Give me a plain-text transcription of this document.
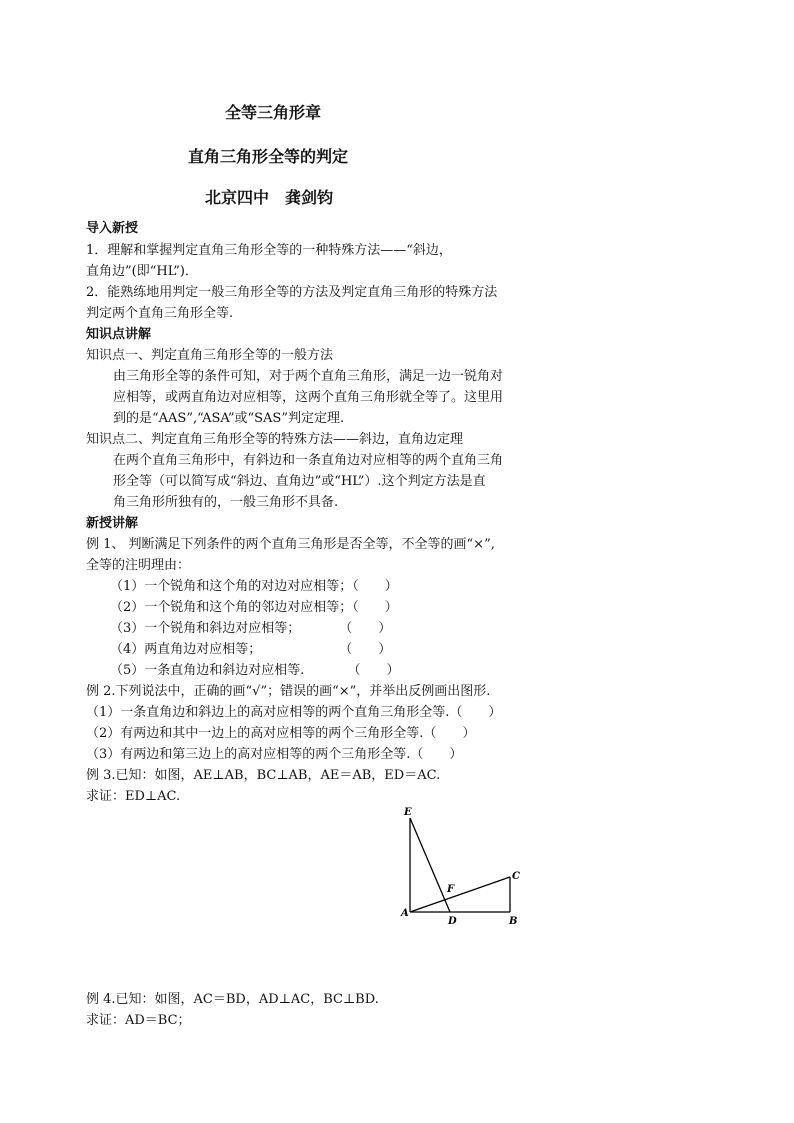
全等三角形章
直角三角形全等的判定
北京四中　龚剑钧
导入新授
1．理解和掌握判定直角三角形全等的一种特殊方法——“斜边，
直角边”(即“HL”)．
2．能熟练地用判定一般三角形全等的方法及判定直角三角形的特殊方法
判定两个直角三角形全等.
知识点讲解
知识点一、判定直角三角形全等的一般方法
由三角形全等的条件可知，对于两个直角三角形，满足一边一锐角对
应相等，或两直角边对应相等，这两个直角三角形就全等了。这里用
到的是“AAS”,“ASA”或“SAS”判定定理.
知识点二、判定直角三角形全等的特殊方法——斜边，直角边定理
在两个直角三角形中，有斜边和一条直角边对应相等的两个直角三角
形全等（可以简写成“斜边、直角边”或“HL”）.这个判定方法是直
角三角形所独有的，一般三角形不具备.
新授讲解
例 1、 判断满足下列条件的两个直角三角形是否全等，不全等的画“×”,
全等的注明理由：
（1）一个锐角和这个角的对边对应相等；（　　）
（2）一个锐角和这个角的邻边对应相等；（　　）
（3）一个锐角和斜边对应相等；　　　　（　　）
（4）两直角边对应相等；　　　　　　　（　　）
（5）一条直角边和斜边对应相等.　　　 （　　）
例 2.下列说法中，正确的画“√”；错误的画“×”，并举出反例画出图形.
（1）一条直角边和斜边上的高对应相等的两个直角三角形全等.（　　）
（2）有两边和其中一边上的高对应相等的两个三角形全等.（　　）
（3）有两边和第三边上的高对应相等的两个三角形全等.（　　）
例 3.已知：如图，AE⊥AB，BC⊥AB，AE＝AB，ED＝AC.
求证：ED⊥AC.
E
F
C
A
D	B
例 4.已知：如图，AC＝BD，AD⊥AC，BC⊥BD.
求证：AD＝BC；
